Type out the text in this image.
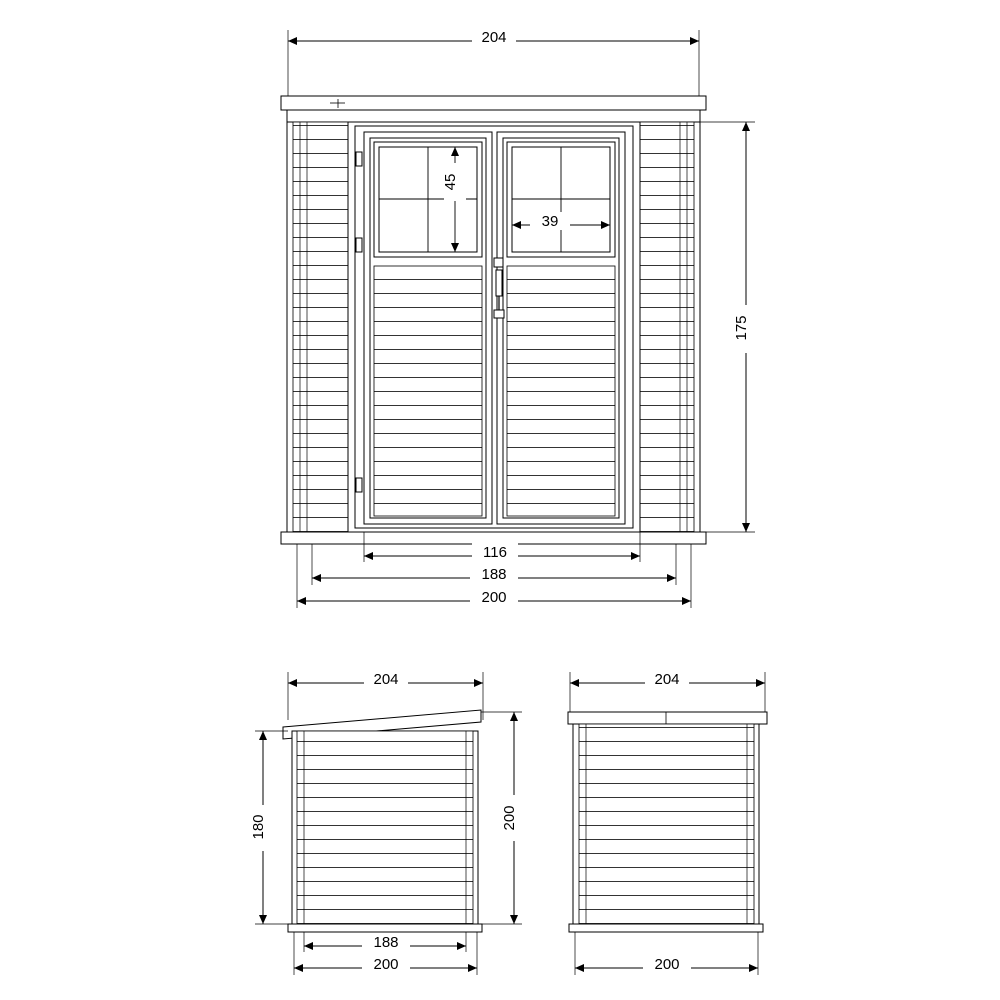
204
45
39
175
116
188
200
204
180	200
188
200
204
200
